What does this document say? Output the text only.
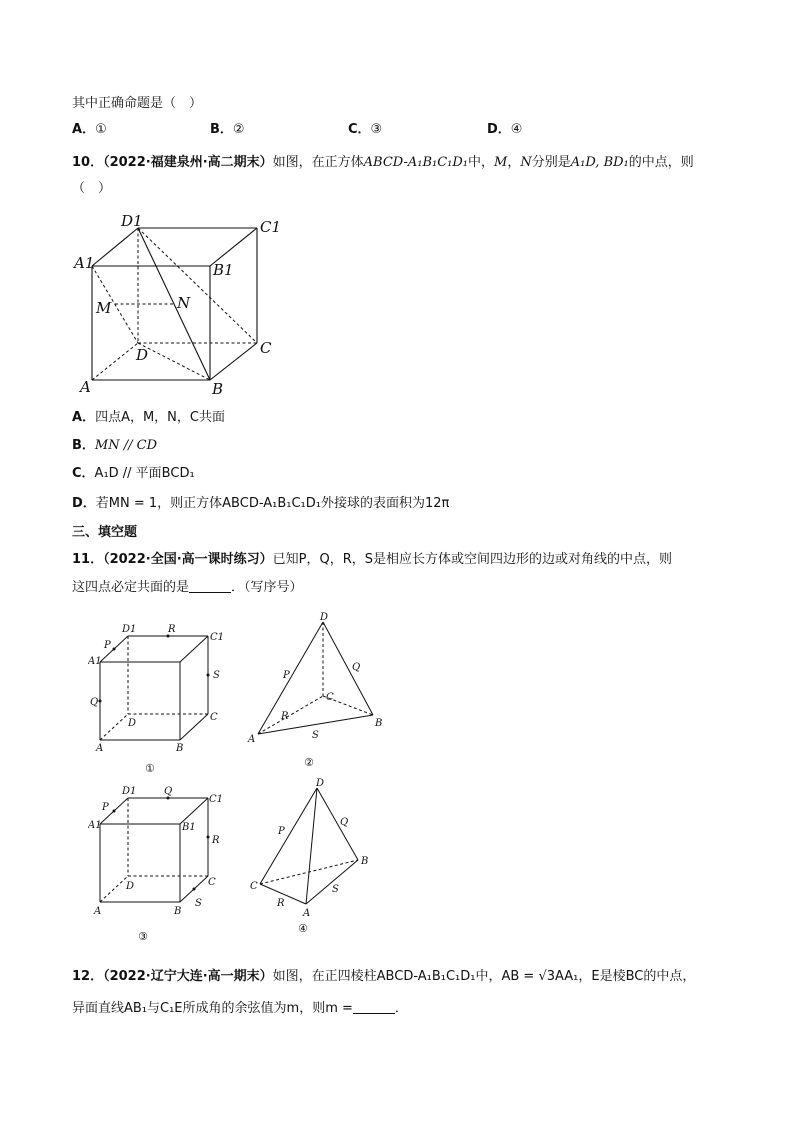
其中正确命题是（　）
A．①	B．②	C．③	D．④
10．（2022·福建泉州·高二期末）如图，在正方体ABCD-A₁B₁C₁D₁中，M，N分别是A₁D, BD₁的中点，则
（　）
D1	C1
A1	B1
M	N
D	C
A	B
A．四点A，M，N，C共面
B．MN // CD
C．A₁D // 平面BCD₁
D．若MN = 1，则正方体ABCD-A₁B₁C₁D₁外接球的表面积为12π
三、填空题
11．（2022·全国·高一课时练习）已知P，Q，R，S是相应长方体或空间四边形的边或对角线的中点，则
这四点必定共面的是	．（写序号）
D1	R
C1
A1
P
S
Q
D
C
A	B
①
D
P
Q
C
R
A	S
B
②
D1	Q
C1
P
A1	B1
R
D	C
A	B
S
③
D
P
Q
B
C	S
R
A
④
12．（2022·辽宁大连·高一期末）如图，在正四棱柱ABCD-A₁B₁C₁D₁中，AB = √3AA₁，E是棱BC的中点，
异面直线AB₁与C₁E所成角的余弦值为m，则m =	．
